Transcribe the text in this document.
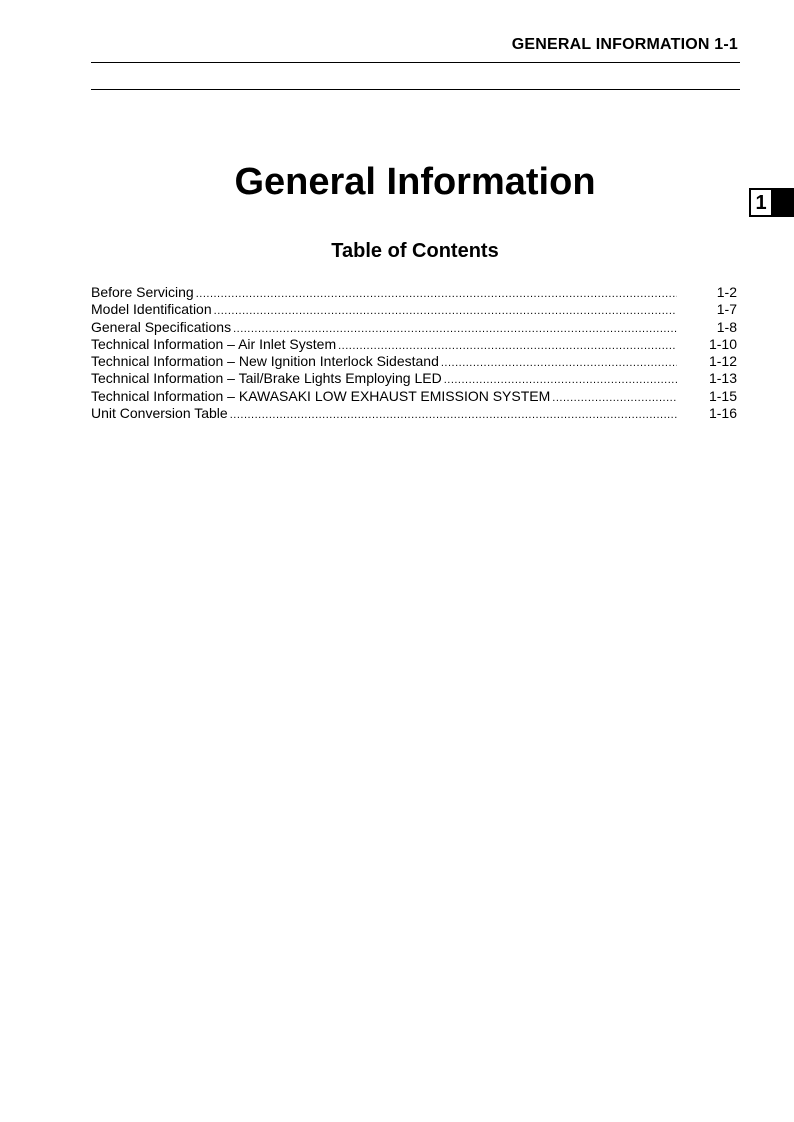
GENERAL INFORMATION 1-1
General Information	1
Table of Contents
Before Servicing .....	1-2
Model Identification .....	1-7
General Specifications .....	1-8
Technical Information – Air Inlet System .....	1-10
Technical Information – New Ignition Interlock Sidestand .....	1-12
Technical Information – Tail/Brake Lights Employing LED .....	1-13
Technical Information – KAWASAKI LOW EXHAUST EMISSION SYSTEM .....	1-15
Unit Conversion Table .....	1-16
